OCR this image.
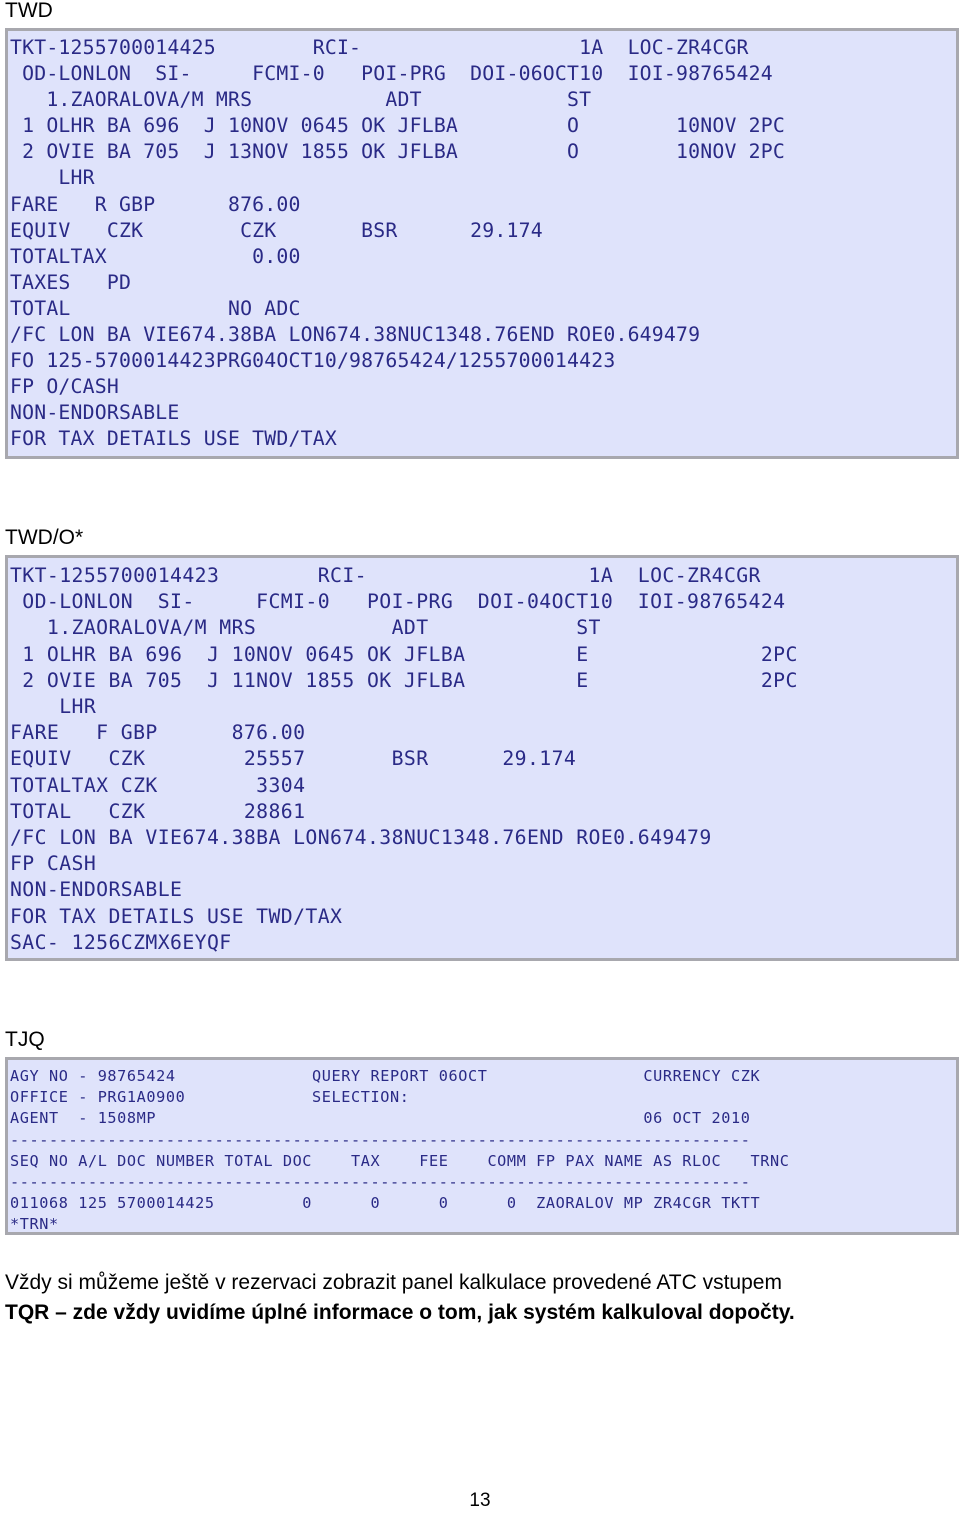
TWD
TKT-1255700014425        RCI-                  1A  LOC-ZR4CGR
OD-LONLON  SI-     FCMI-0   POI-PRG  DOI-06OCT10  IOI-98765424
1.ZAORALOVA/M MRS           ADT            ST
1 OLHR BA 696  J 10NOV 0645 OK JFLBA         O        10NOV 2PC
2 OVIE BA 705  J 13NOV 1855 OK JFLBA         O        10NOV 2PC
LHR
FARE   R GBP      876.00
EQUIV   CZK        CZK       BSR      29.174
TOTALTAX            0.00
TAXES   PD
TOTAL             NO ADC
/FC LON BA VIE674.38BA LON674.38NUC1348.76END ROE0.649479
FO 125-5700014423PRG04OCT10/98765424/1255700014423
FP O/CASH
NON-ENDORSABLE
FOR TAX DETAILS USE TWD/TAX
TWD/O*
TKT-1255700014423        RCI-                  1A  LOC-ZR4CGR
OD-LONLON  SI-     FCMI-0   POI-PRG  DOI-04OCT10  IOI-98765424
1.ZAORALOVA/M MRS           ADT            ST
1 OLHR BA 696  J 10NOV 0645 OK JFLBA         E              2PC
2 OVIE BA 705  J 11NOV 1855 OK JFLBA         E              2PC
LHR
FARE   F GBP      876.00
EQUIV   CZK        25557       BSR      29.174
TOTALTAX CZK        3304
TOTAL   CZK        28861
/FC LON BA VIE674.38BA LON674.38NUC1348.76END ROE0.649479
FP CASH
NON-ENDORSABLE
FOR TAX DETAILS USE TWD/TAX
SAC- 1256CZMX6EYQF
TJQ
AGY NO - 98765424              QUERY REPORT 06OCT                CURRENCY CZK
OFFICE - PRG1A0900             SELECTION:
AGENT  - 1508MP                                                  06 OCT 2010
----------------------------------------------------------------------------
SEQ NO A/L DOC NUMBER TOTAL DOC    TAX    FEE    COMM FP PAX NAME AS RLOC   TRNC
----------------------------------------------------------------------------
011068 125 5700014425         0      0      0      0  ZAORALOV MP ZR4CGR TKTT
*TRN*
Vždy si můžeme ještě v rezervaci zobrazit panel kalkulace provedené ATC vstupem
TQR – zde vždy uvidíme úplné informace o tom, jak systém kalkuloval dopočty.
13
